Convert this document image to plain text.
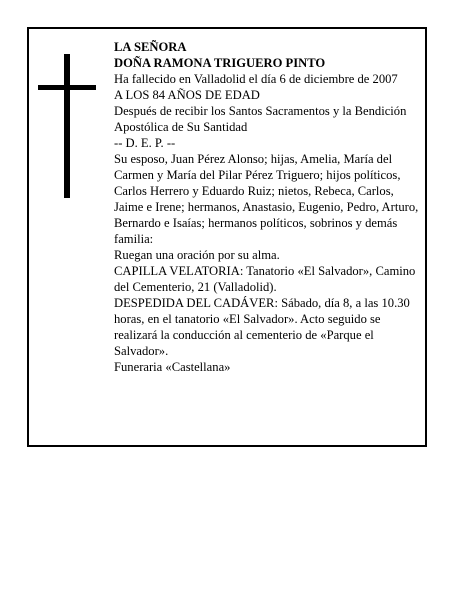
LA SEÑORA

DOÑA RAMONA TRIGUERO PINTO

Ha fallecido en Valladolid el día 6 de diciembre de 2007

A LOS 84 AÑOS DE EDAD

Después de recibir los Santos Sacramentos y la Bendición Apostólica de Su Santidad

-- D. E. P. --

Su esposo, Juan Pérez Alonso; hijas, Amelia, María del Carmen y María del Pilar Pérez Triguero; hijos políticos, Carlos Herrero y Eduardo Ruiz; nietos, Rebeca, Carlos, Jaime e Irene; hermanos, Anastasio, Eugenio, Pedro, Arturo, Bernardo e Isaías; hermanos políticos, sobrinos y demás familia:

Ruegan una oración por su alma.

CAPILLA VELATORIA: Tanatorio «El Salvador», Camino del Cementerio, 21 (Valladolid).

DESPEDIDA DEL CADÁVER: Sábado, día 8, a las 10.30 horas, en el tanatorio «El Salvador». Acto seguido se realizará la conducción al cementerio de «Parque el Salvador».

Funeraria «Castellana»
